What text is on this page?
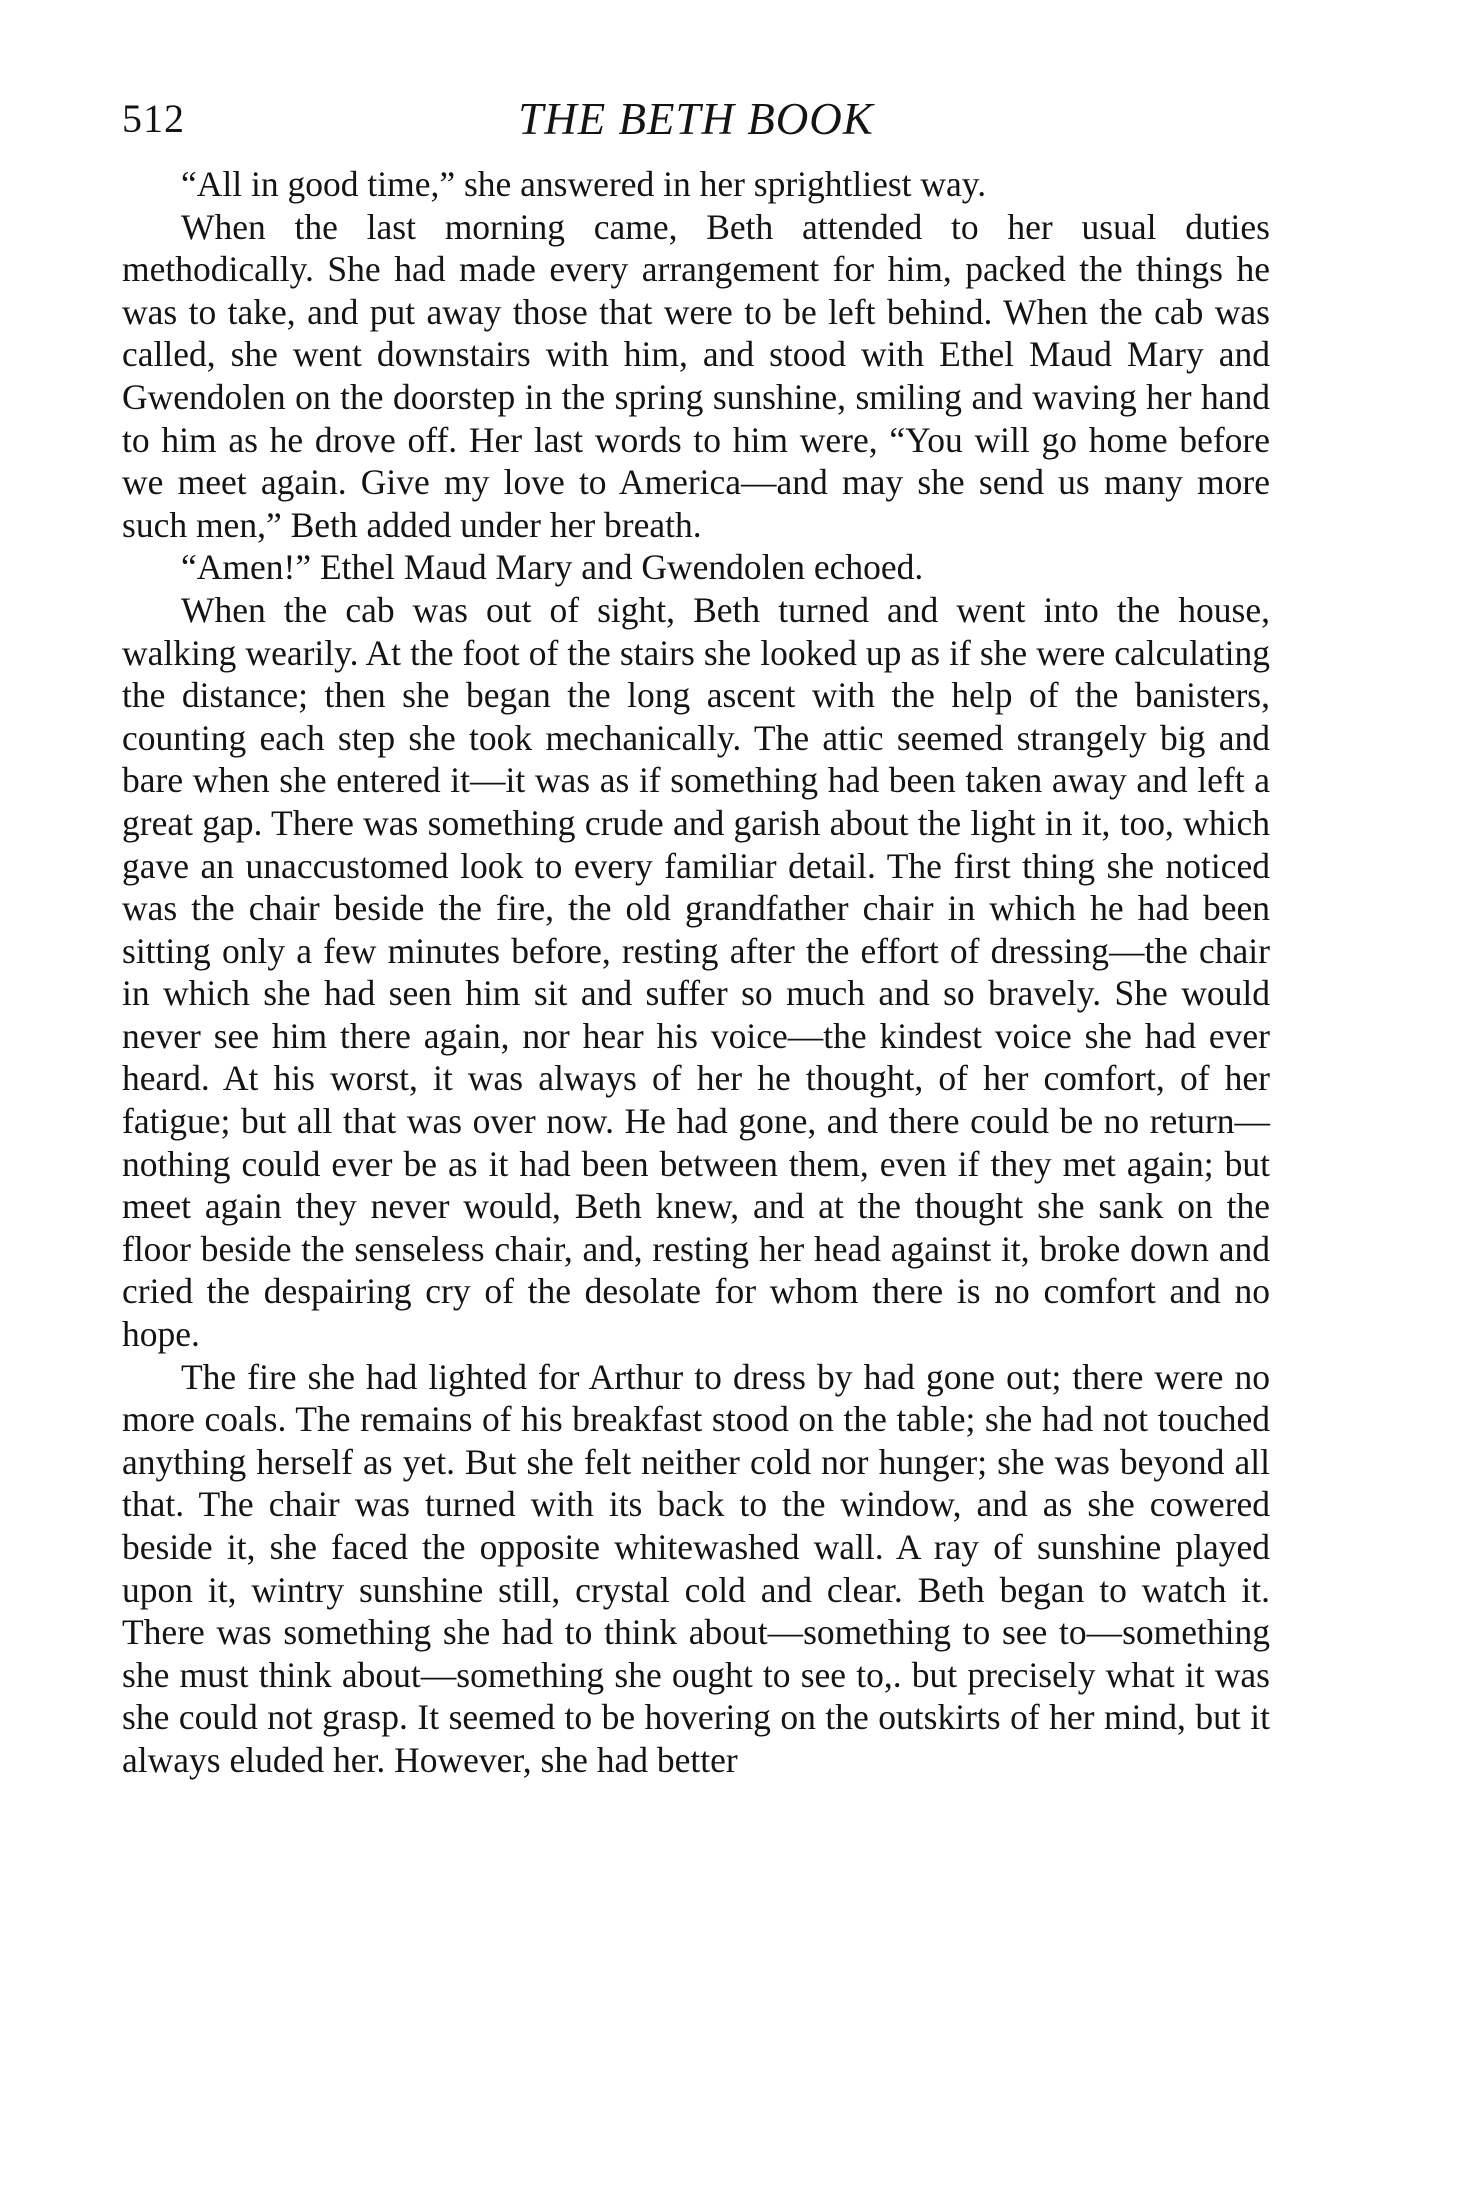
512	THE BETH BOOK

“All in good time,” she answered in her sprightliest way.

When the last morning came, Beth attended to her usual duties methodically. She had made every arrangement for him, packed the things he was to take, and put away those that were to be left behind. When the cab was called, she went downstairs with him, and stood with Ethel Maud Mary and Gwendolen on the doorstep in the spring sunshine, smiling and waving her hand to him as he drove off. Her last words to him were, “You will go home before we meet again. Give my love to America—and may she send us many more such men,” Beth added under her breath.

“Amen!” Ethel Maud Mary and Gwendolen echoed.

When the cab was out of sight, Beth turned and went into the house, walking wearily. At the foot of the stairs she looked up as if she were calculating the distance; then she began the long ascent with the help of the banisters, counting each step she took mechanically. The attic seemed strangely big and bare when she entered it—it was as if something had been taken away and left a great gap. There was something crude and garish about the light in it, too, which gave an unaccustomed look to every familiar detail. The first thing she noticed was the chair beside the fire, the old grandfather chair in which he had been sitting only a few minutes before, resting after the effort of dressing—the chair in which she had seen him sit and suffer so much and so bravely. She would never see him there again, nor hear his voice—the kindest voice she had ever heard. At his worst, it was always of her he thought, of her comfort, of her fatigue; but all that was over now. He had gone, and there could be no return—nothing could ever be as it had been between them, even if they met again; but meet again they never would, Beth knew, and at the thought she sank on the floor beside the senseless chair, and, resting her head against it, broke down and cried the despairing cry of the desolate for whom there is no comfort and no hope.

The fire she had lighted for Arthur to dress by had gone out; there were no more coals. The remains of his breakfast stood on the table; she had not touched anything herself as yet. But she felt neither cold nor hunger; she was beyond all that. The chair was turned with its back to the window, and as she cowered beside it, she faced the opposite whitewashed wall. A ray of sunshine played upon it, wintry sunshine still, crystal cold and clear. Beth began to watch it. There was something she had to think about—something to see to—something she must think about—something she ought to see to,. but precisely what it was she could not grasp. It seemed to be hovering on the outskirts of her mind, but it always eluded her. However, she had better
